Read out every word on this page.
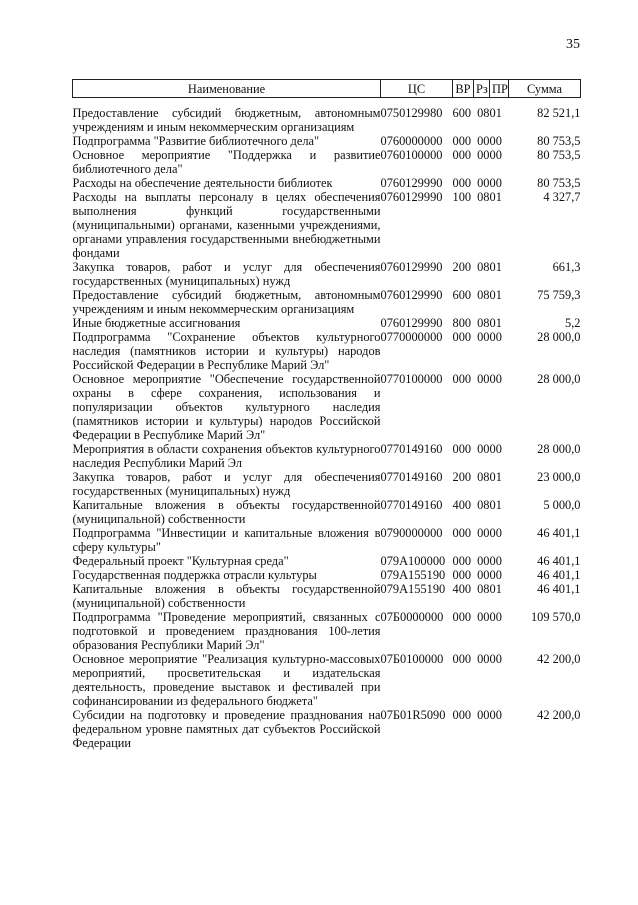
35
Наименование	ЦС	ВР	Рз	ПР	Сумма

Предоставление субсидий бюджетным, автономным учреждениям и иным некоммерческим организациям	0750129980	600	08	01	82 521,1
Подпрограмма "Развитие библиотечного дела"	0760000000	000	00	00	80 753,5
Основное мероприятие "Поддержка и развитие библиотечного дела"	0760100000	000	00	00	80 753,5
Расходы на обеспечение деятельности библиотек	0760129990	000	00	00	80 753,5
Расходы на выплаты персоналу в целях обеспечения выполнения функций государственными (муниципальными) органами, казенными учреждениями, органами управления государственными внебюджетными фондами	0760129990	100	08	01	4 327,7
Закупка товаров, работ и услуг для обеспечения государственных (муниципальных) нужд	0760129990	200	08	01	661,3
Предоставление субсидий бюджетным, автономным учреждениям и иным некоммерческим организациям	0760129990	600	08	01	75 759,3
Иные бюджетные ассигнования	0760129990	800	08	01	5,2
Подпрограмма "Сохранение объектов культурного наследия (памятников истории и культуры) народов Российской Федерации в Республике Марий Эл"	0770000000	000	00	00	28 000,0
Основное мероприятие "Обеспечение государственной охраны в сфере сохранения, использования и популяризации объектов культурного наследия (памятников истории и культуры) народов Российской Федерации в Республике Марий Эл"	0770100000	000	00	00	28 000,0
Мероприятия в области сохранения объектов культурного наследия Республики Марий Эл	0770149160	000	00	00	28 000,0
Закупка товаров, работ и услуг для обеспечения государственных (муниципальных) нужд	0770149160	200	08	01	23 000,0
Капитальные вложения в объекты государственной (муниципальной) собственности	0770149160	400	08	01	5 000,0
Подпрограмма "Инвестиции и капитальные вложения в сферу культуры"	0790000000	000	00	00	46 401,1
Федеральный проект "Культурная среда"	079A100000	000	00	00	46 401,1
Государственная поддержка отрасли культуры	079A155190	000	00	00	46 401,1
Капитальные вложения в объекты государственной (муниципальной) собственности	079A155190	400	08	01	46 401,1
Подпрограмма "Проведение мероприятий, связанных с подготовкой и проведением празднования 100-летия образования Республики Марий Эл"	07Б0000000	000	00	00	109 570,0
Основное мероприятие "Реализация культурно-массовых мероприятий, просветительская и издательская деятельность, проведение выставок и фестивалей при софинансировании из федерального бюджета"	07Б0100000	000	00	00	42 200,0
Субсидии на подготовку и проведение празднования на федеральном уровне памятных дат субъектов Российской Федерации	07Б01R5090	000	00	00	42 200,0
